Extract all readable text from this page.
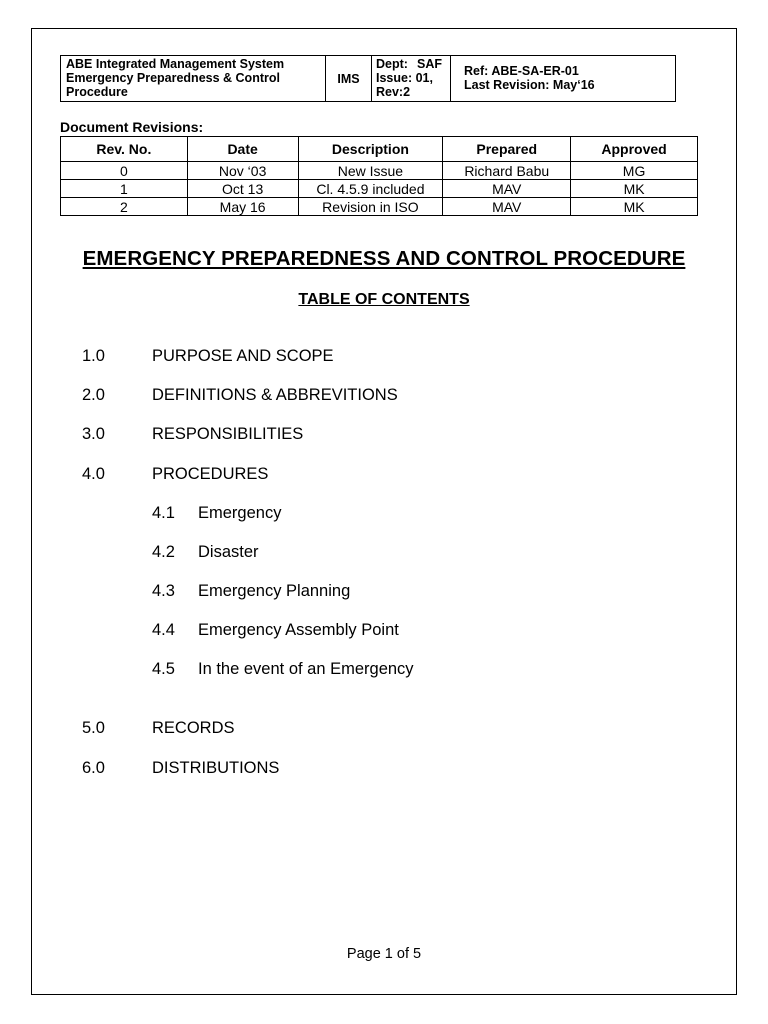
ABE Integrated Management System
Emergency Preparedness & Control
Procedure
IMS
Dept: SAF
Issue: 01,
Rev:2
Ref: ABE-SA-ER-01
Last Revision: May‘16
Document Revisions:
Rev. No.	Date	Description	Prepared	Approved
0	Nov ‘03	New Issue	Richard Babu	MG
1	Oct 13	Cl. 4.5.9 included	MAV	MK
2	May 16	Revision in ISO	MAV	MK
EMERGENCY PREPAREDNESS AND CONTROL PROCEDURE
TABLE OF CONTENTS
1.0	PURPOSE AND SCOPE
2.0	DEFINITIONS & ABBREVITIONS
3.0	RESPONSIBILITIES
4.0	PROCEDURES
4.1 Emergency
4.2 Disaster
4.3 Emergency Planning
4.4 Emergency Assembly Point
4.5 In the event of an Emergency
5.0	RECORDS
6.0	DISTRIBUTIONS
Page 1 of 5
